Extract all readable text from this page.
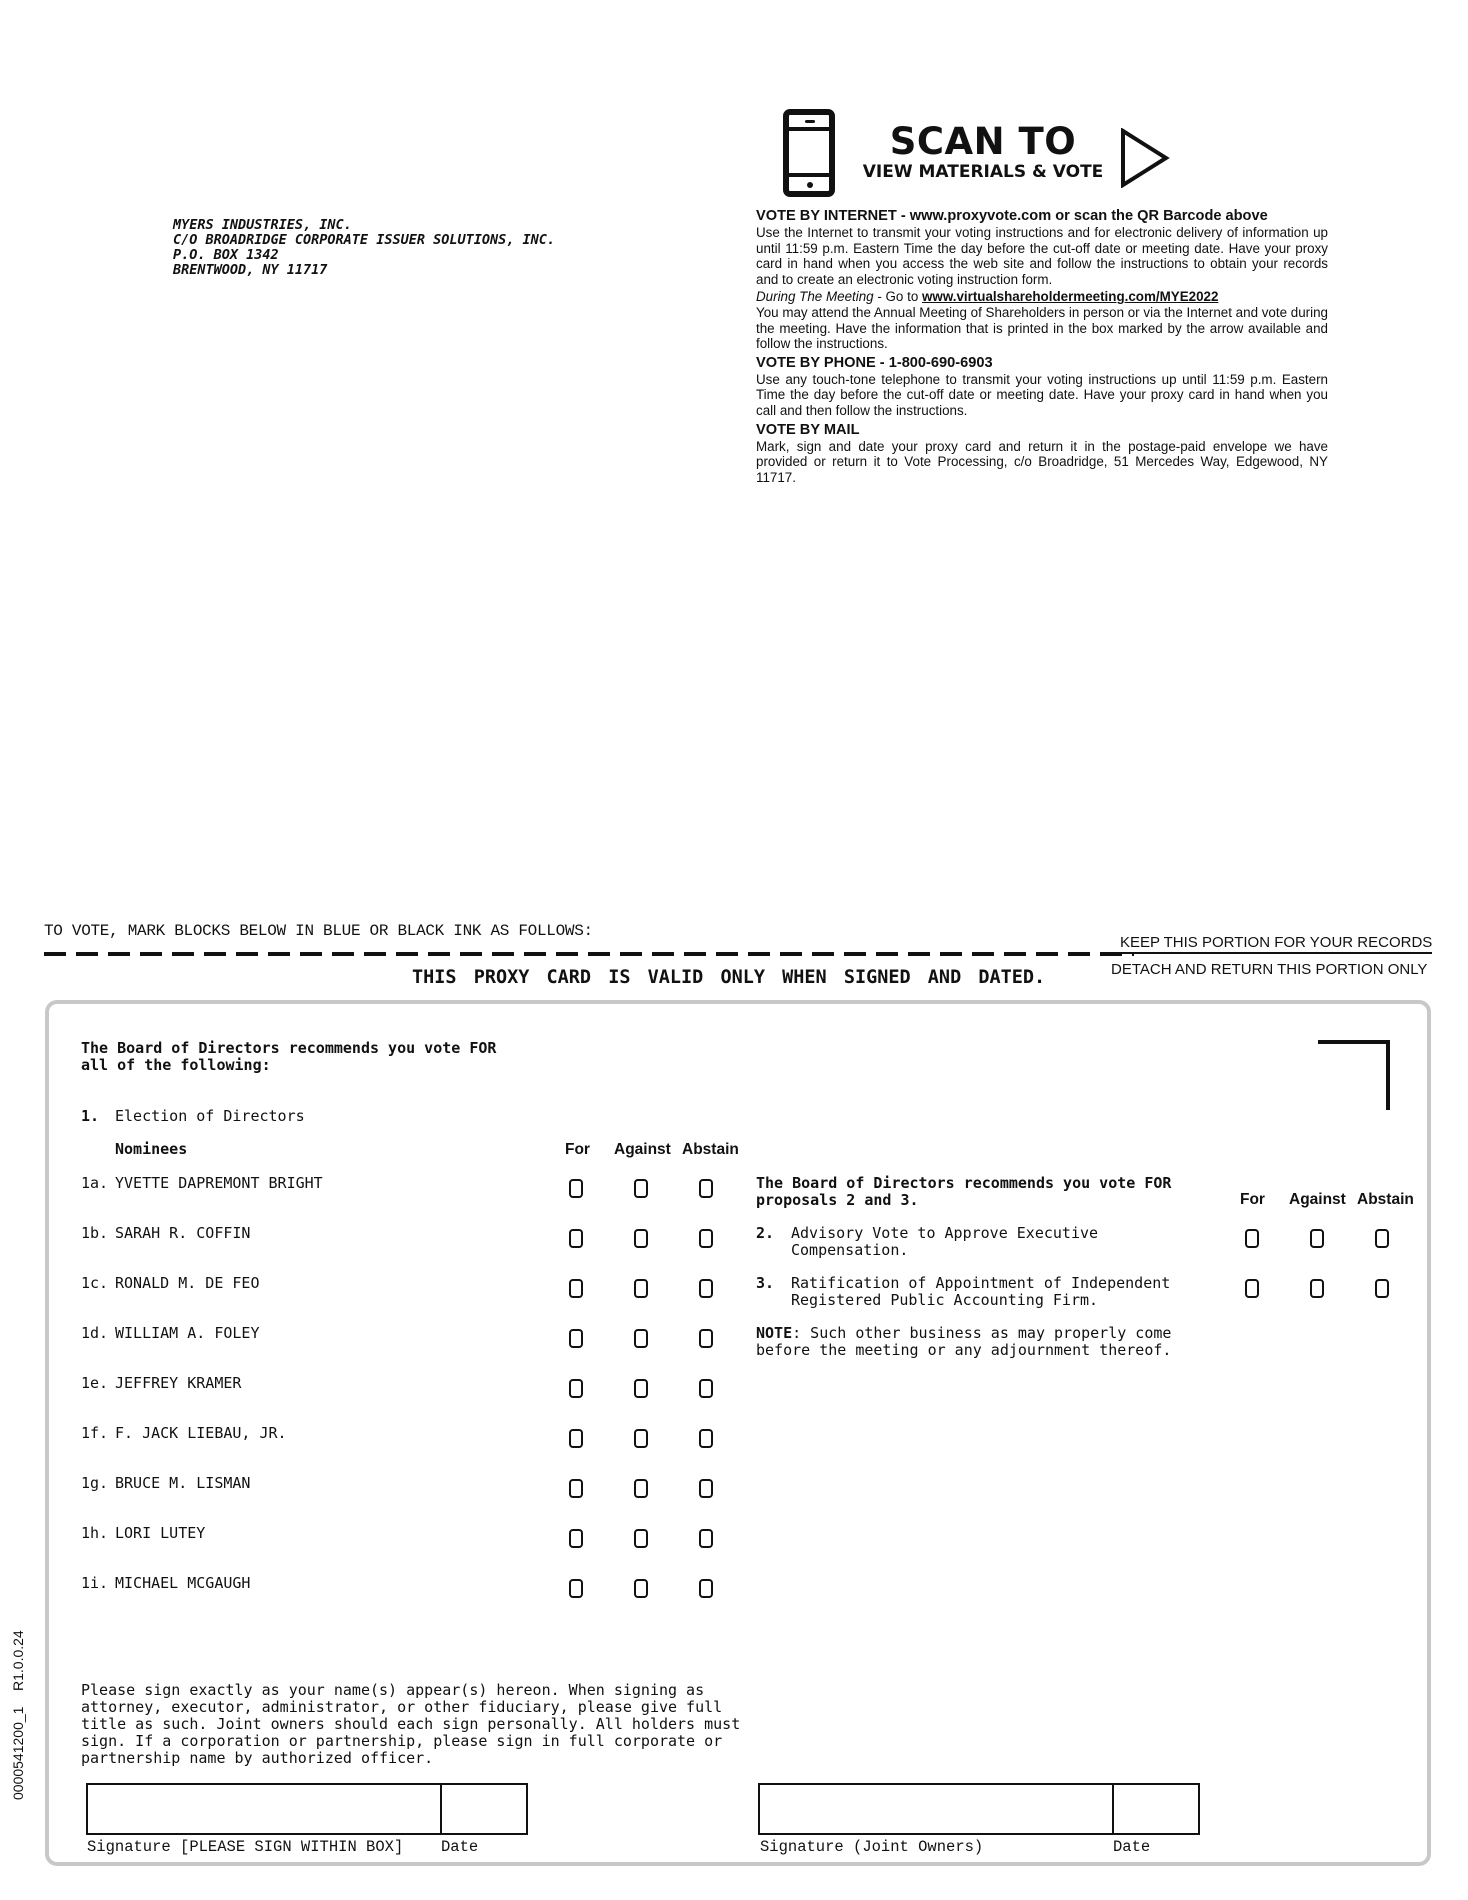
MYERS INDUSTRIES, INC.
C/O BROADRIDGE CORPORATE ISSUER SOLUTIONS, INC.
P.O. BOX 1342
BRENTWOOD, NY 11717
SCAN TO
VIEW MATERIALS & VOTE

VOTE BY INTERNET - www.proxyvote.com or scan the QR Barcode above

Use the Internet to transmit your voting instructions and for electronic delivery of information up until 11:59 p.m. Eastern Time the day before the cut-off date or meeting date. Have your proxy card in hand when you access the web site and follow the instructions to obtain your records and to create an electronic voting instruction form.

During The Meeting - Go to www.virtualshareholdermeeting.com/MYE2022

You may attend the Annual Meeting of Shareholders in person or via the Internet and vote during the meeting. Have the information that is printed in the box marked by the arrow available and follow the instructions.

VOTE BY PHONE - 1-800-690-6903

Use any touch-tone telephone to transmit your voting instructions up until 11:59 p.m. Eastern Time the day before the cut-off date or meeting date. Have your proxy card in hand when you call and then follow the instructions.

VOTE BY MAIL

Mark, sign and date your proxy card and return it in the postage-paid envelope we have provided or return it to Vote Processing, c/o Broadridge, 51 Mercedes Way, Edgewood, NY 11717.

TO VOTE, MARK BLOCKS BELOW IN BLUE OR BLACK INK AS FOLLOWS:
KEEP THIS PORTION FOR YOUR RECORDS
DETACH AND RETURN THIS PORTION ONLY
THIS PROXY CARD IS VALID ONLY WHEN SIGNED AND DATED.
The Board of Directors recommends you vote FOR
all of the following:
1. Election of Directors
Nominees	For Against Abstain
1a. YVETTE DAPREMONT BRIGHT
1b. SARAH R. COFFIN
1c. RONALD M. DE FEO
1d. WILLIAM A. FOLEY
1e. JEFFREY KRAMER
1f. F. JACK LIEBAU, JR.
1g. BRUCE M. LISMAN
1h. LORI LUTEY
1i. MICHAEL MCGAUGH
The Board of Directors recommends you vote FOR
proposals 2 and 3.	For Against Abstain
2. Advisory Vote to Approve Executive
Compensation.
3. Ratification of Appointment of Independent
Registered Public Accounting Firm.
NOTE: Such other business as may properly come
before the meeting or any adjournment thereof.
Please sign exactly as your name(s) appear(s) hereon. When signing as
attorney, executor, administrator, or other fiduciary, please give full
title as such. Joint owners should each sign personally. All holders must
sign. If a corporation or partnership, please sign in full corporate or
partnership name by authorized officer.
Signature [PLEASE SIGN WITHIN BOX] Date	Signature (Joint Owners)	Date
0000541200_1    R1.0.0.24
